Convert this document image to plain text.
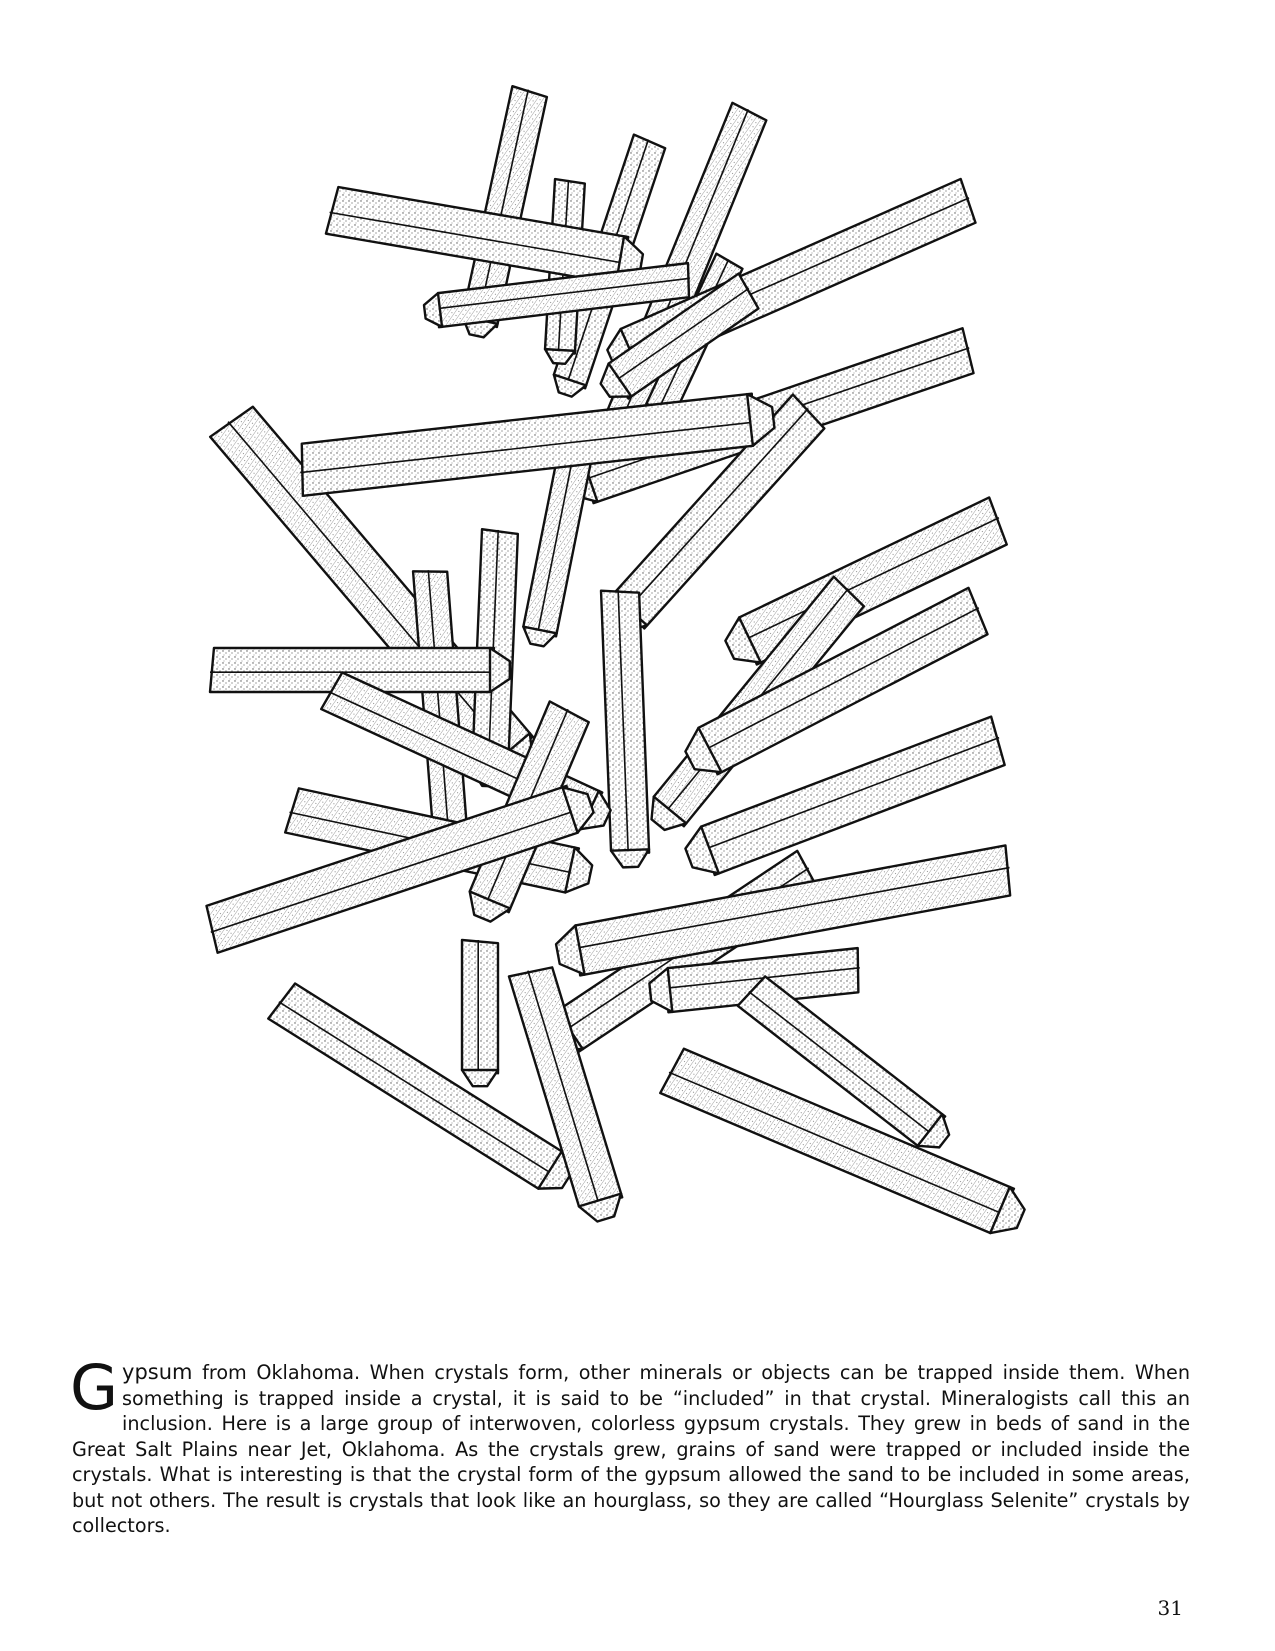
Gypsum from Oklahoma. When crystals form, other minerals or objects can be trapped inside them. When something is trapped inside a crystal, it is said to be “included” in that crystal. Mineralogists call this an inclusion. Here is a large group of interwoven, colorless gypsum crystals. They grew in beds of sand in the Great Salt Plains near Jet, Oklahoma. As the crystals grew, grains of sand were trapped or included inside the crystals. What is interesting is that the crystal form of the gypsum allowed the sand to be included in some areas, but not others. The result is crystals that look like an hourglass, so they are called “Hourglass Selenite” crystals by collectors.
31
